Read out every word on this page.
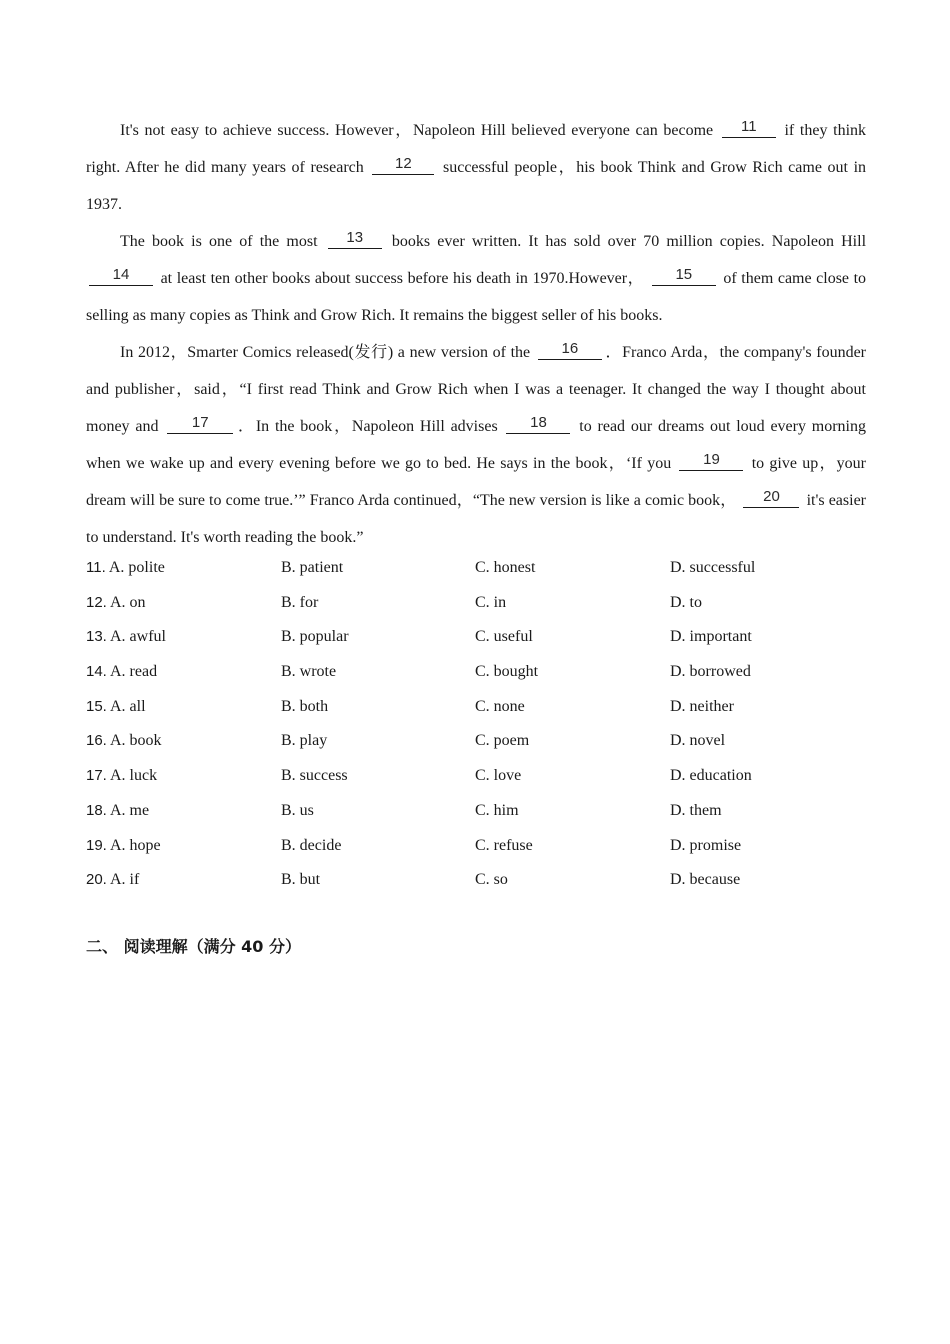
It's not easy to achieve success. However，Napoleon Hill believed everyone can become 11 if they think right. After he did many years of research 12 successful people，his book Think and Grow Rich came out in 1937.

The book is one of the most 13 books ever written. It has sold over 70 million copies. Napoleon Hill 14 at least ten other books about success before his death in 1970.However， 15 of them came close to selling as many copies as Think and Grow Rich. It remains the biggest seller of his books.

In 2012，Smarter Comics released(发行) a new version of the 16 ．Franco Arda，the company's founder and publisher，said，“I first read Think and Grow Rich when I was a teenager. It changed the way I thought about money and 17 ．In the book，Napoleon Hill advises 18 to read our dreams out loud every morning when we wake up and every evening before we go to bed. He says in the book，‘If you 19 to give up，your dream will be sure to come true.’” Franco Arda continued，“The new version is like a comic book， 20 it's easier to understand. It's worth reading the book.”

11. A. polite	B. patient	C. honest	D. successful
12. A. on	B. for	C. in	D. to
13. A. awful	B. popular	C. useful	D. important
14. A. read	B. wrote	C. bought	D. borrowed
15. A. all	B. both	C. none	D. neither
16. A. book	B. play	C. poem	D. novel
17. A. luck	B. success	C. love	D. education
18. A. me	B. us	C. him	D. them
19. A. hope	B. decide	C. refuse	D. promise
20. A. if	B. but	C. so	D. because
二、 阅读理解（满分 40 分）
